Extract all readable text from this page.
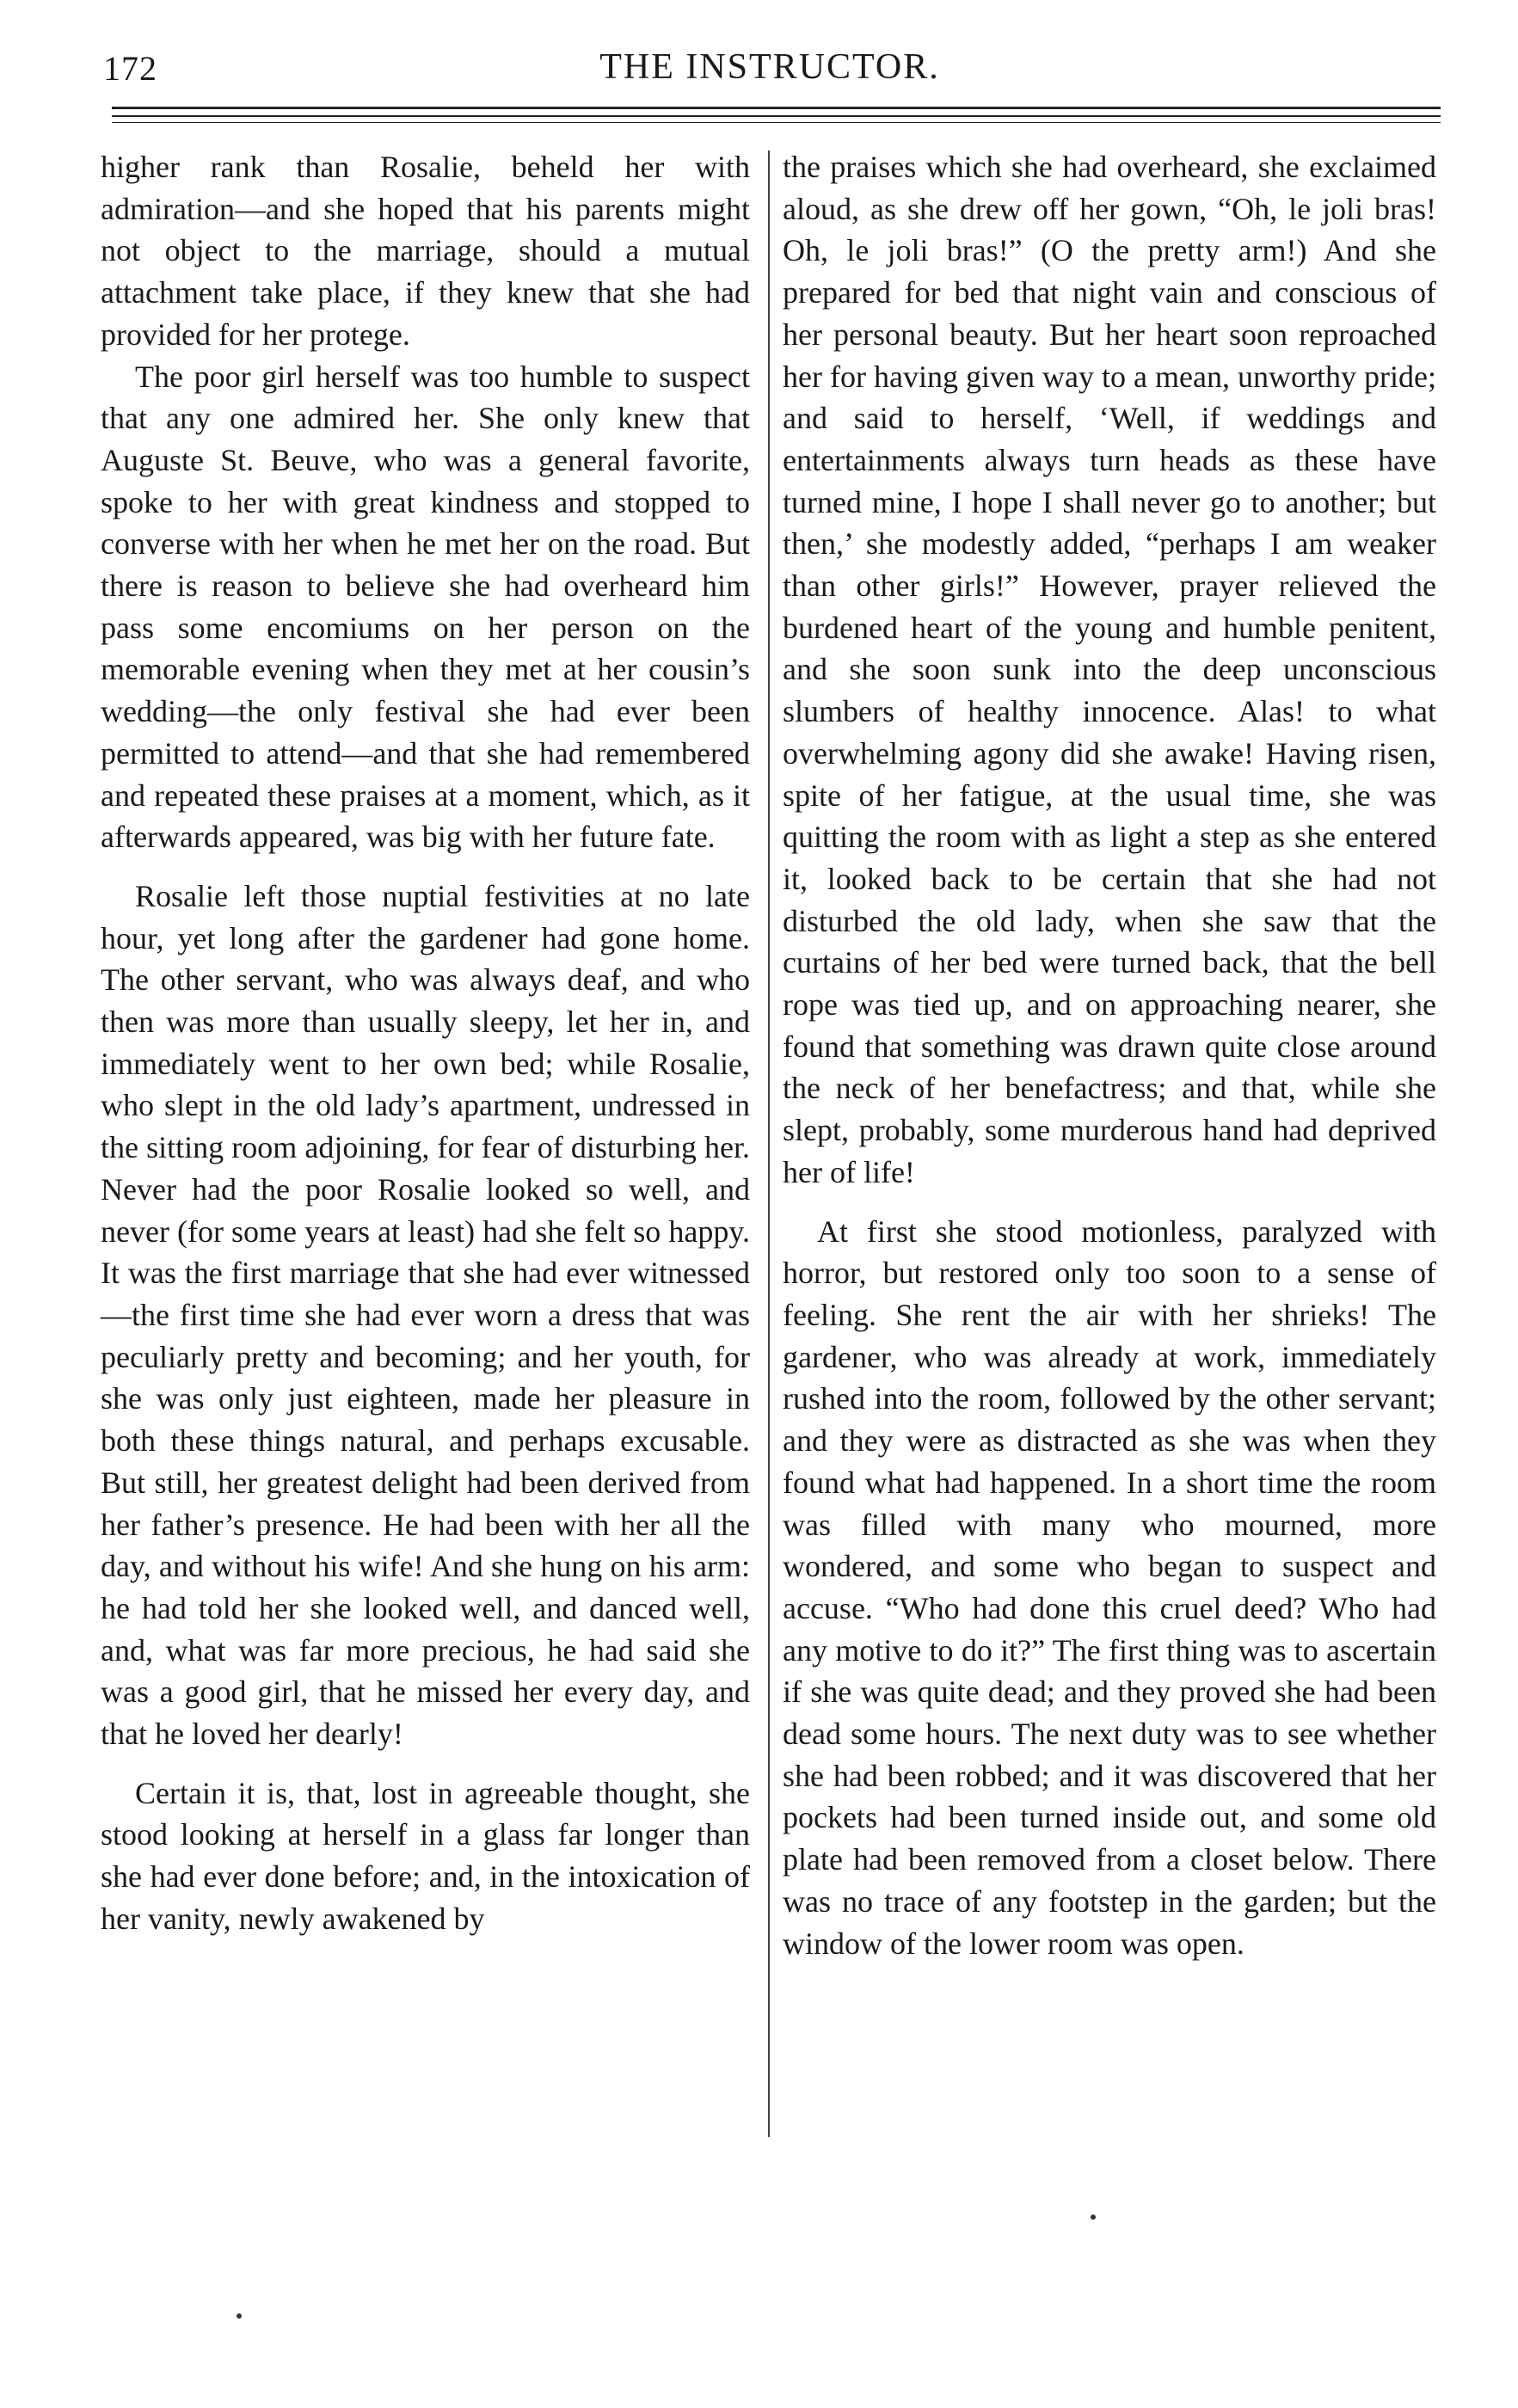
172	THE INSTRUCTOR.

higher rank than Rosalie, beheld her with admiration—and she hoped that his parents might not object to the marriage, should a mutual attachment take place, if they knew that she had provided for her protege.

The poor girl herself was too humble to suspect that any one admired her. She only knew that Auguste St. Beuve, who was a general favorite, spoke to her with great kindness and stopped to converse with her when he met her on the road. But there is reason to believe she had overheard him pass some encomiums on her person on the memorable evening when they met at her cousin’s wedding—the only festival she had ever been permitted to attend—and that she had remembered and repeated these praises at a moment, which, as it afterwards appeared, was big with her future fate.

Rosalie left those nuptial festivities at no late hour, yet long after the gardener had gone home. The other servant, who was always deaf, and who then was more than usually sleepy, let her in, and immediately went to her own bed; while Rosalie, who slept in the old lady’s apartment, undressed in the sitting room adjoining, for fear of disturbing her. Never had the poor Rosalie looked so well, and never (for some years at least) had she felt so happy. It was the first marriage that she had ever witnessed—the first time she had ever worn a dress that was peculiarly pretty and becoming; and her youth, for she was only just eighteen, made her pleasure in both these things natural, and perhaps excusable. But still, her greatest delight had been derived from her father’s presence. He had been with her all the day, and without his wife! And she hung on his arm: he had told her she looked well, and danced well, and, what was far more precious, he had said she was a good girl, that he missed her every day, and that he loved her dearly!

Certain it is, that, lost in agreeable thought, she stood looking at herself in a glass far longer than she had ever done before; and, in the intoxication of her vanity, newly awakened by

the praises which she had overheard, she exclaimed aloud, as she drew off her gown, “Oh, le joli bras! Oh, le joli bras!” (O the pretty arm!) And she prepared for bed that night vain and conscious of her personal beauty. But her heart soon reproached her for having given way to a mean, unworthy pride; and said to herself, ‘Well, if weddings and entertainments always turn heads as these have turned mine, I hope I shall never go to another; but then,’ she modestly added, “perhaps I am weaker than other girls!” However, prayer relieved the burdened heart of the young and humble penitent, and she soon sunk into the deep unconscious slumbers of healthy innocence. Alas! to what overwhelming agony did she awake! Having risen, spite of her fatigue, at the usual time, she was quitting the room with as light a step as she entered it, looked back to be certain that she had not disturbed the old lady, when she saw that the curtains of her bed were turned back, that the bell rope was tied up, and on approaching nearer, she found that something was drawn quite close around the neck of her benefactress; and that, while she slept, probably, some murderous hand had deprived her of life!

At first she stood motionless, paralyzed with horror, but restored only too soon to a sense of feeling. She rent the air with her shrieks! The gardener, who was already at work, immediately rushed into the room, followed by the other servant; and they were as distracted as she was when they found what had happened. In a short time the room was filled with many who mourned, more wondered, and some who began to suspect and accuse. “Who had done this cruel deed? Who had any motive to do it?” The first thing was to ascertain if she was quite dead; and they proved she had been dead some hours. The next duty was to see whether she had been robbed; and it was discovered that her pockets had been turned inside out, and some old plate had been removed from a closet below. There was no trace of any footstep in the garden; but the window of the lower room was open.
